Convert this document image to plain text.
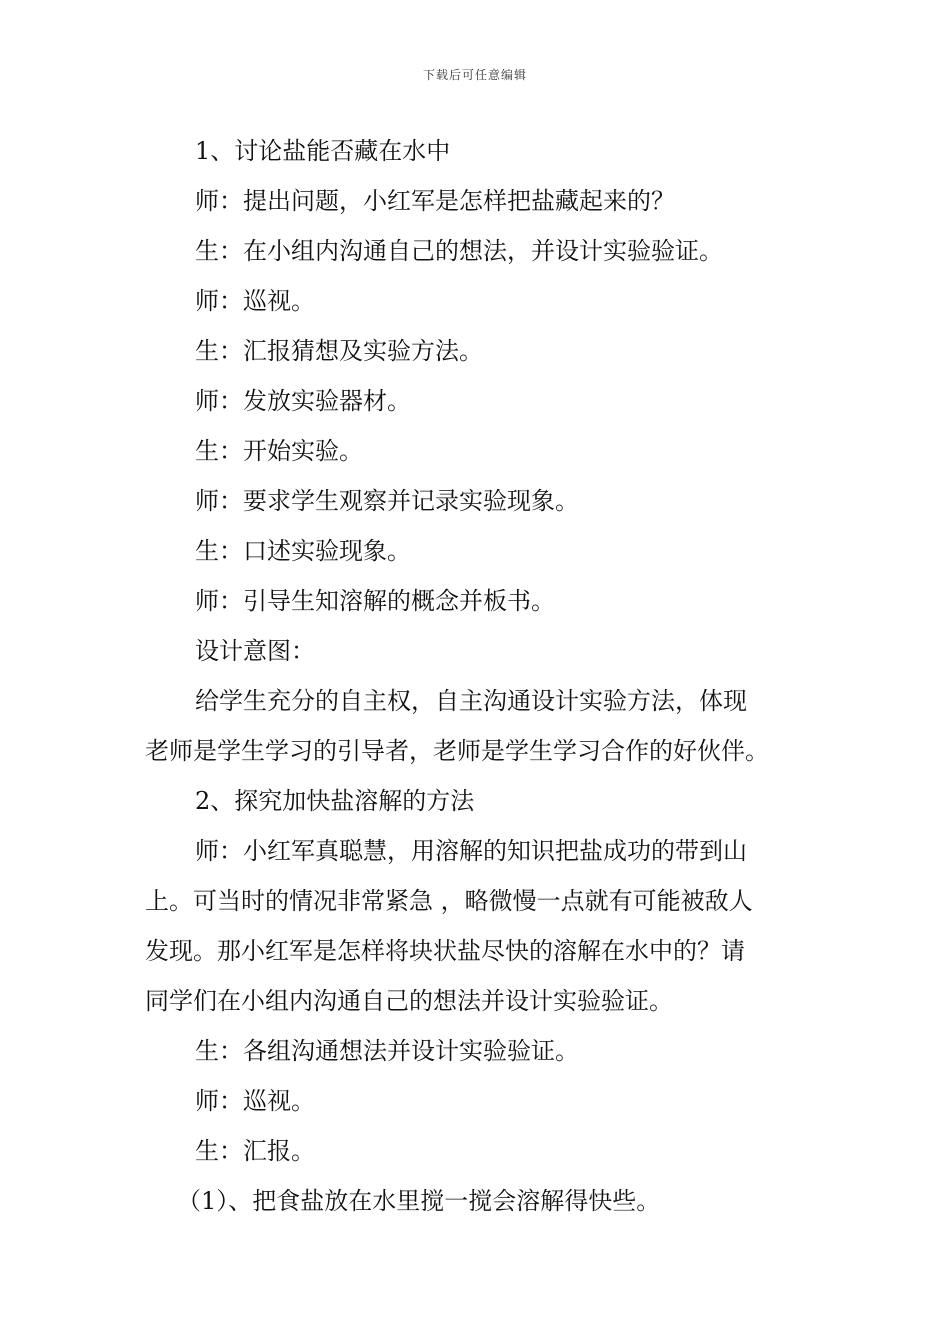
下载后可任意编辑

1、讨论盐能否藏在水中

师：提出问题，小红军是怎样把盐藏起来的？

生：在小组内沟通自己的想法，并设计实验验证。

师：巡视。

生：汇报猜想及实验方法。

师：发放实验器材。

生：开始实验。

师：要求学生观察并记录实验现象。

生：口述实验现象。

师：引导生知溶解的概念并板书。

设计意图：

给学生充分的自主权，自主沟通设计实验方法，体现

老师是学生学习的引导者，老师是学生学习合作的好伙伴。

2、探究加快盐溶解的方法

师：小红军真聪慧，用溶解的知识把盐成功的带到山

上。可当时的情况非常紧急 ，略微慢一点就有可能被敌人

发现。那小红军是怎样将块状盐尽快的溶解在水中的？请

同学们在小组内沟通自己的想法并设计实验验证。

生：各组沟通想法并设计实验验证。

师：巡视。

生：汇报。

（1）、把食盐放在水里搅一搅会溶解得快些。
